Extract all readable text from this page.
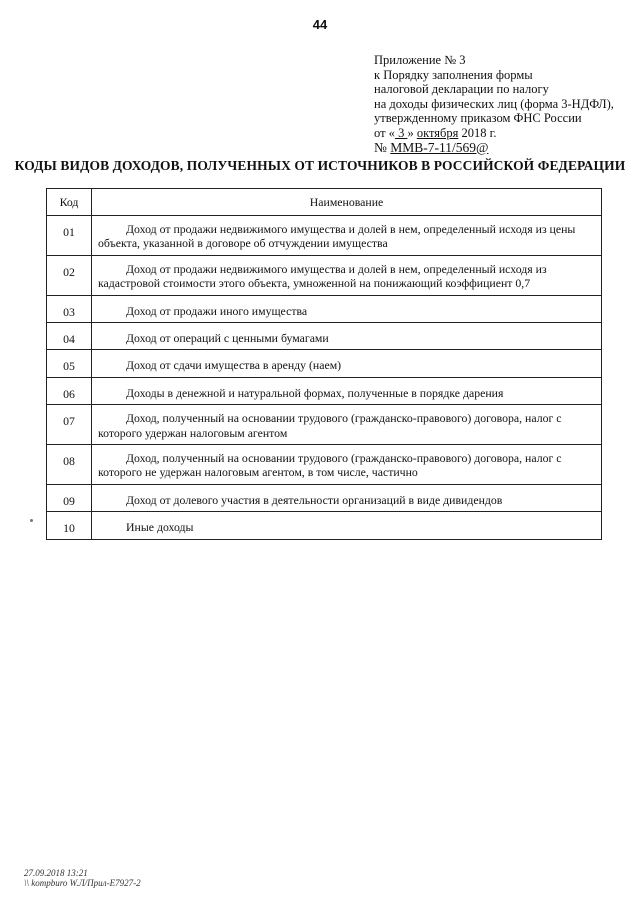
44
Приложение № 3
к Порядку заполнения формы
налоговой декларации по налогу
на доходы физических лиц (форма 3-НДФЛ),
утвержденному приказом ФНС России
от « 3 » октября 2018 г.
№ ММВ-7-11/569@
КОДЫ ВИДОВ ДОХОДОВ, ПОЛУЧЕННЫХ ОТ ИСТОЧНИКОВ В РОССИЙСКОЙ ФЕДЕРАЦИИ
Код	Наименование
01	Доход от продажи недвижимого имущества и долей в нем, определенный исходя из цены объекта, указанной в договоре об отчуждении имущества
02	Доход от продажи недвижимого имущества и долей в нем, определенный исходя из кадастровой стоимости этого объекта, умноженной на понижающий коэффициент 0,7
03	Доход от продажи иного имущества
04	Доход от операций с ценными бумагами
05	Доход от сдачи имущества в аренду (наем)
06	Доходы в денежной и натуральной формах, полученные в порядке дарения
07	Доход, полученный на основании трудового (гражданско-правового) договора, налог с которого удержан налоговым агентом
08	Доход, полученный на основании трудового (гражданско-правового) договора, налог с которого не удержан налоговым агентом, в том числе, частично
09	Доход от долевого участия в деятельности организаций в виде дивидендов
10	Иные доходы
27.09.2018 13:21
\\ kompburo W.Л/Прил-Е7927-2
